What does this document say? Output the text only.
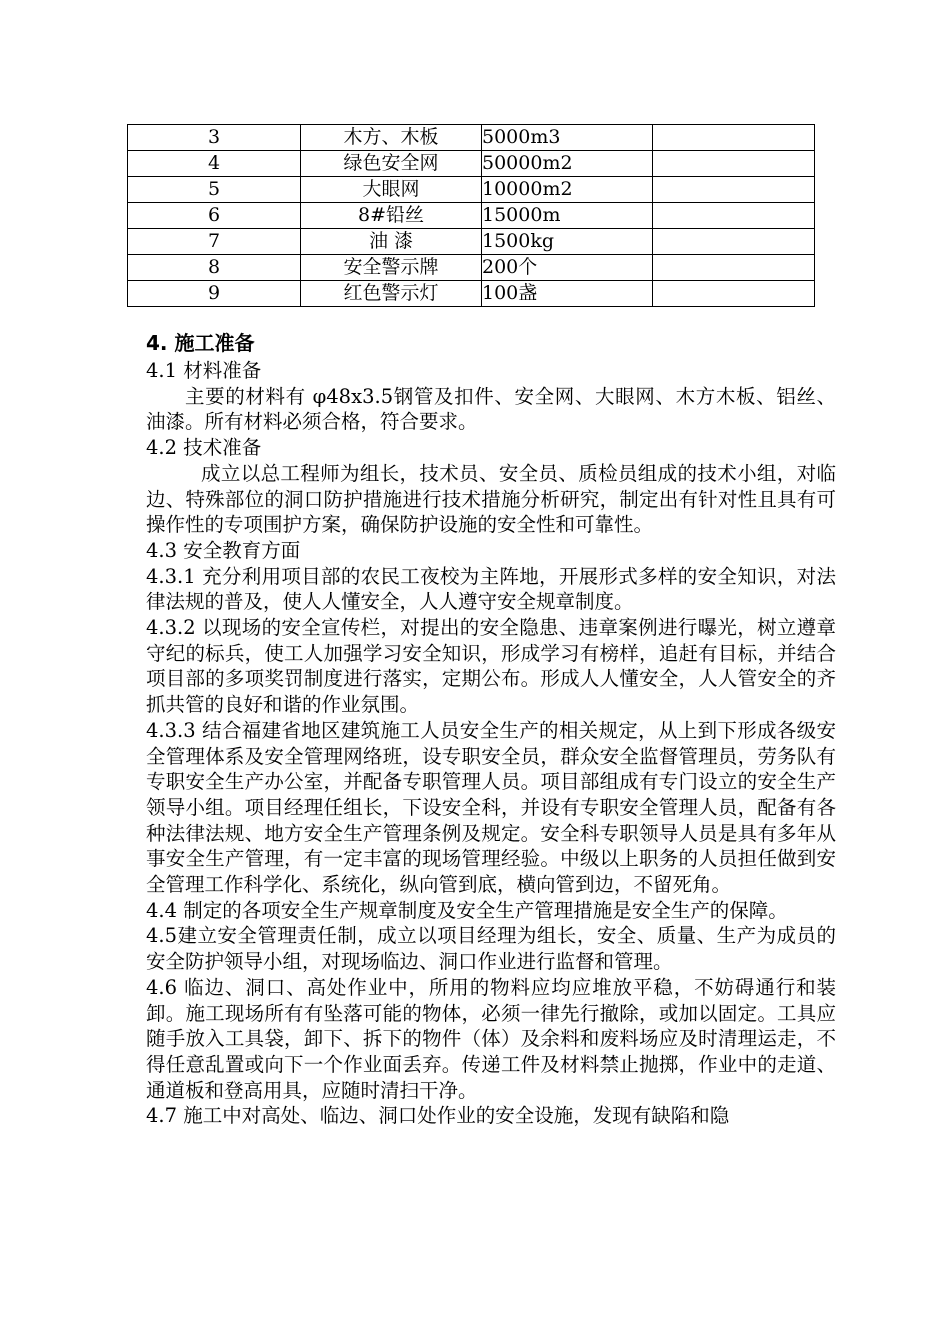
3	木方、木板	5000m3	
4	绿色安全网	50000m2	
5	大眼网	10000m2	
6	8#铅丝	15000m	
7	油 漆	1500kg	
8	安全警示牌	200个	
9	红色警示灯	100盏	

4. 施工准备

4.1 材料准备

主要的材料有 φ48x3.5钢管及扣件、安全网、大眼网、木方木板、铝丝、油漆。所有材料必须合格，符合要求。

4.2 技术准备

成立以总工程师为组长，技术员、安全员、质检员组成的技术小组，对临边、特殊部位的洞口防护措施进行技术措施分析研究，制定出有针对性且具有可操作性的专项围护方案，确保防护设施的安全性和可靠性。

4.3 安全教育方面

4.3.1 充分利用项目部的农民工夜校为主阵地，开展形式多样的安全知识，对法律法规的普及，使人人懂安全，人人遵守安全规章制度。

4.3.2 以现场的安全宣传栏，对提出的安全隐患、违章案例进行曝光，树立遵章守纪的标兵，使工人加强学习安全知识，形成学习有榜样，追赶有目标，并结合项目部的多项奖罚制度进行落实，定期公布。形成人人懂安全，人人管安全的齐抓共管的良好和谐的作业氛围。

4.3.3 结合福建省地区建筑施工人员安全生产的相关规定，从上到下形成各级安全管理体系及安全管理网络班，设专职安全员，群众安全监督管理员，劳务队有专职安全生产办公室，并配备专职管理人员。项目部组成有专门设立的安全生产领导小组。项目经理任组长，下设安全科，并设有专职安全管理人员，配备有各种法律法规、地方安全生产管理条例及规定。安全科专职领导人员是具有多年从事安全生产管理，有一定丰富的现场管理经验。中级以上职务的人员担任做到安全管理工作科学化、系统化，纵向管到底，横向管到边，不留死角。

4.4 制定的各项安全生产规章制度及安全生产管理措施是安全生产的保障。

4.5建立安全管理责任制，成立以项目经理为组长，安全、质量、生产为成员的安全防护领导小组，对现场临边、洞口作业进行监督和管理。

4.6 临边、洞口、高处作业中，所用的物料应均应堆放平稳，不妨碍通行和装卸。施工现场所有有坠落可能的物体，必须一律先行撤除，或加以固定。工具应随手放入工具袋，卸下、拆下的物件（体）及余料和废料场应及时清理运走，不得任意乱置或向下一个作业面丢弃。传递工件及材料禁止抛掷，作业中的走道、通道板和登高用具，应随时清扫干净。

4.7 施工中对高处、临边、洞口处作业的安全设施，发现有缺陷和隐
